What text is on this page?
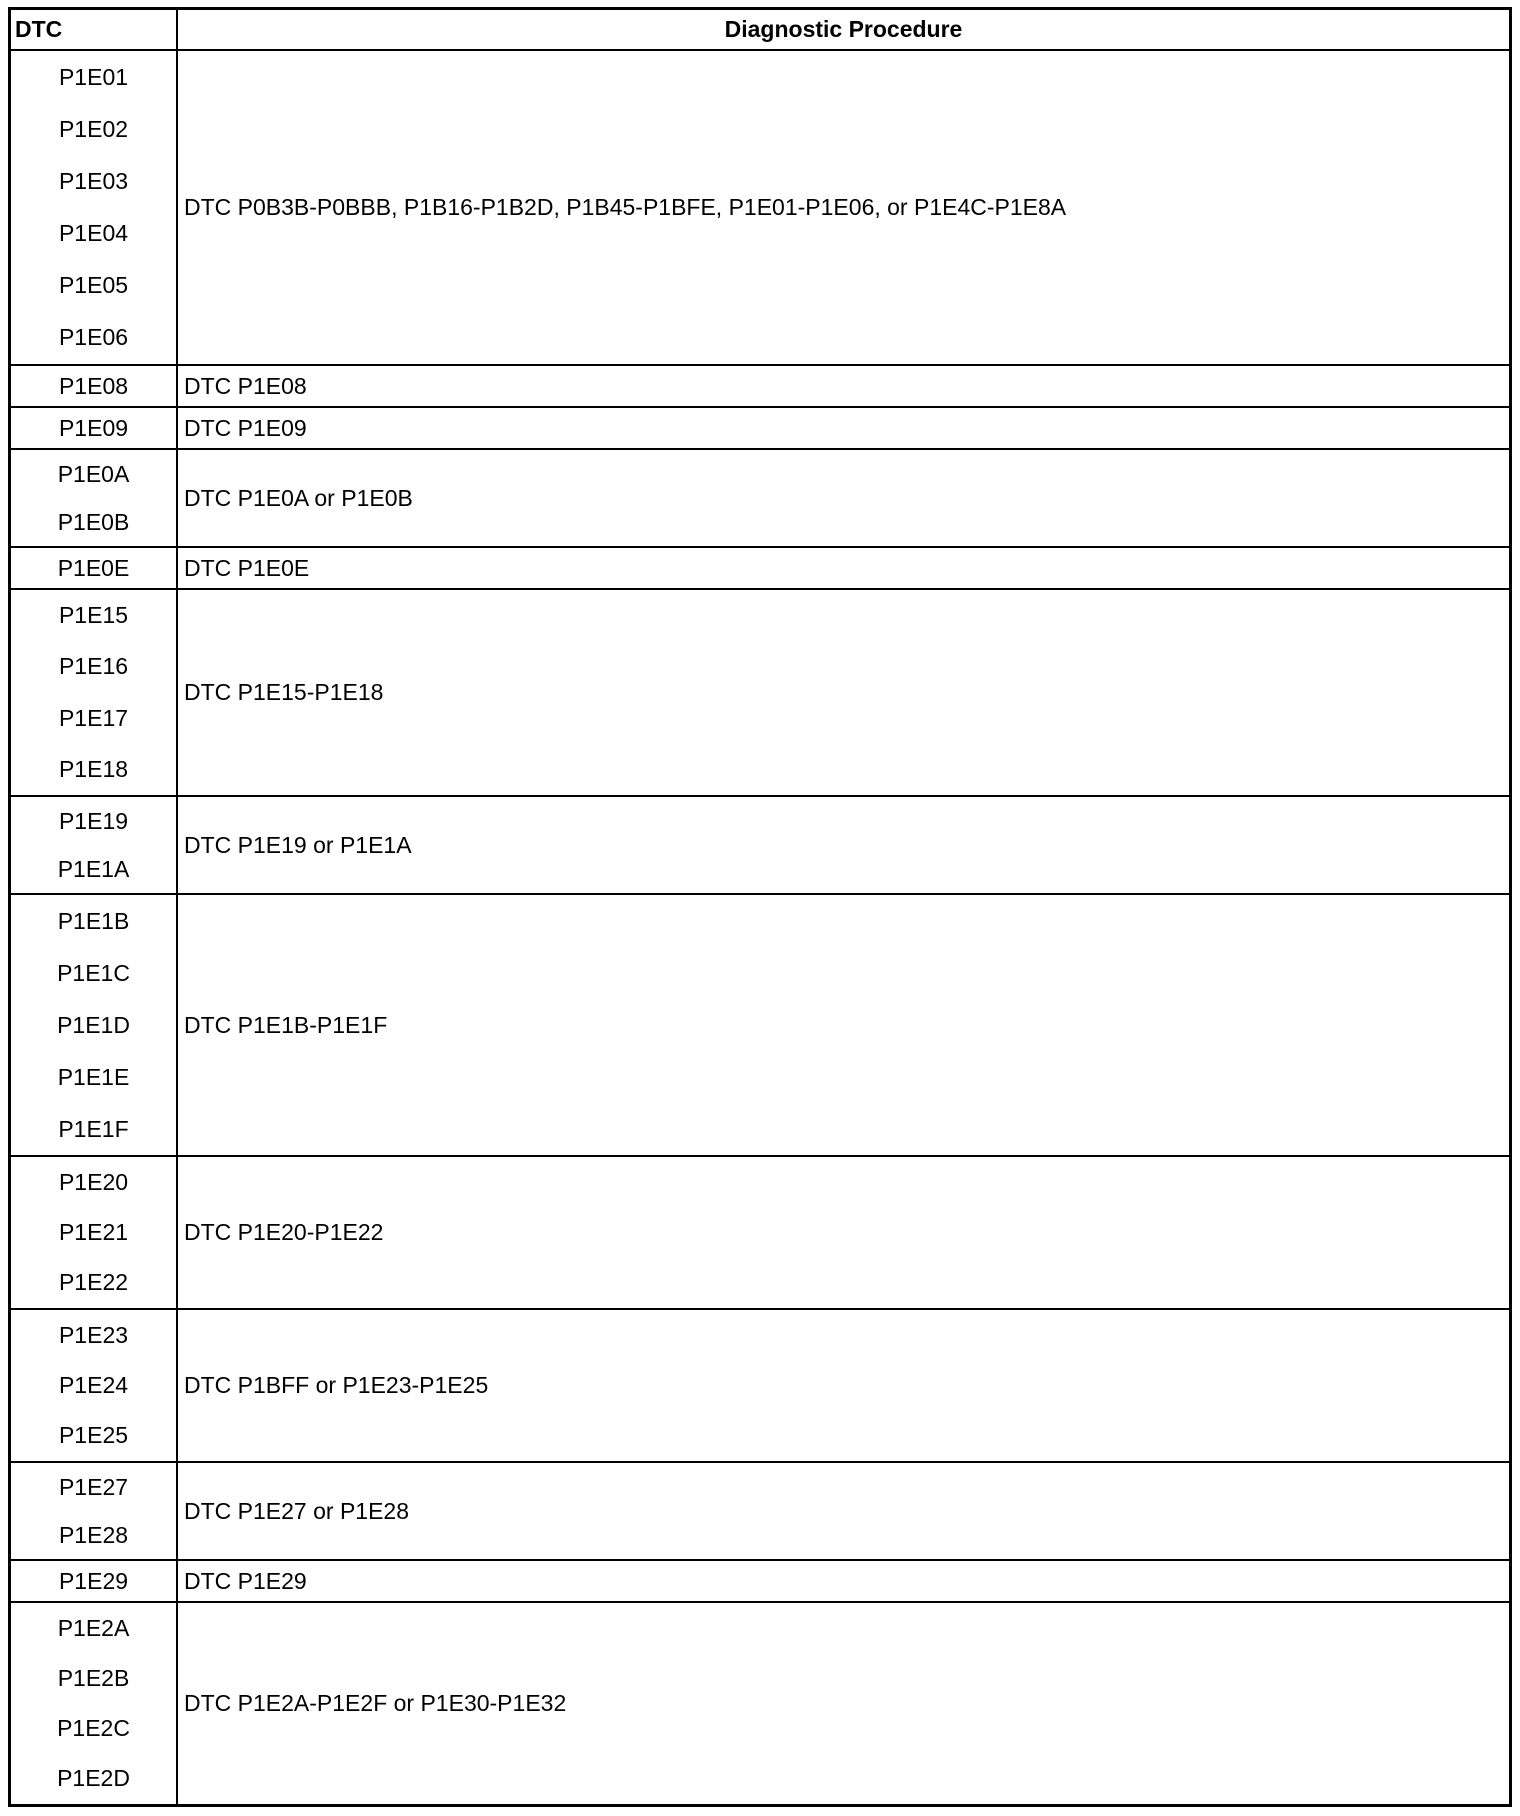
DTC	Diagnostic Procedure
P1E01
P1E02
P1E03
P1E04
P1E05
P1E06
DTC P0B3B-P0BBB, P1B16-P1B2D, P1B45-P1BFE, P1E01-P1E06, or P1E4C-P1E8A
P1E08 DTC P1E08
P1E09 DTC P1E09
P1E0A
P1E0B
DTC P1E0A or P1E0B
P1E0E DTC P1E0E
P1E15
P1E16
P1E17
P1E18
DTC P1E15-P1E18
P1E19
P1E1A
DTC P1E19 or P1E1A
P1E1B
P1E1C
P1E1D
P1E1E
P1E1F
DTC P1E1B-P1E1F
P1E20
P1E21
P1E22
DTC P1E20-P1E22
P1E23
P1E24
P1E25
DTC P1BFF or P1E23-P1E25
P1E27
P1E28
DTC P1E27 or P1E28
P1E29 DTC P1E29
P1E2A
P1E2B
P1E2C
P1E2D
DTC P1E2A-P1E2F or P1E30-P1E32
